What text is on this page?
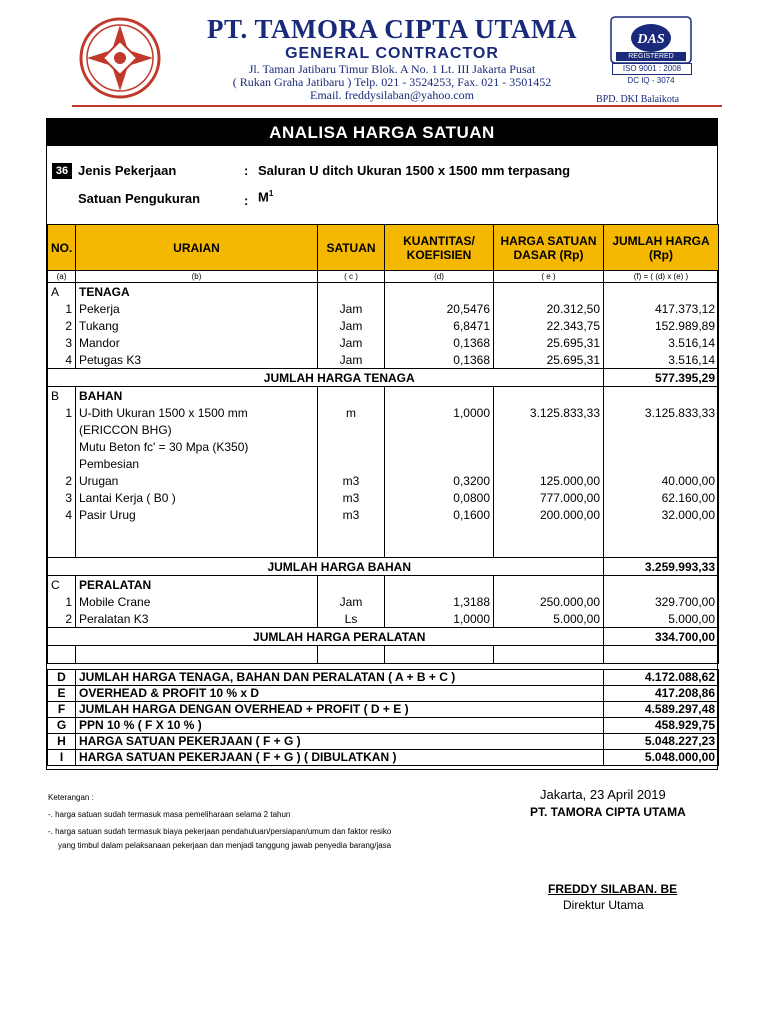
PT. TAMORA CIPTA UTAMA
GENERAL CONTRACTOR
Jl. Taman Jatibaru Timur Blok. A No. 1 Lt. III Jakarta Pusat
( Rukan Graha Jatibaru ) Telp. 021 - 3524253, Fax. 021 - 3501452
Email. freddysilaban@yahoo.com
DAS
REGISTERED
ISO 9001 : 2008
DC IQ - 3074
BPD. DKI Balaikota
ANALISA HARGA SATUAN
36 Jenis Pekerjaan	: Saluran U ditch Ukuran 1500 x 1500 mm terpasang
Satuan Pengukuran	: $M^1$
NO.	URAIAN	SATUAN	KUANTITAS/ KOEFISIEN	HARGA SATUAN DASAR (Rp)	JUMLAH HARGA (Rp)
(a)	(b)	( c )	(d)	( e )	(f) = ( (d) x (e) )
A	TENAGA				
1	Pekerja	Jam	20,5476	20.312,50	417.373,12
2	Tukang	Jam	6,8471	22.343,75	152.989,89
3	Mandor	Jam	0,1368	25.695,31	3.516,14
4	Petugas K3	Jam	0,1368	25.695,31	3.516,14
	JUMLAH HARGA TENAGA				577.395,29
B	BAHAN				
1	U-Dith Ukuran 1500 x 1500 mm	m	1,0000	3.125.833,33	3.125.833,33
	(ERICCON BHG)				
	Mutu Beton fc' = 30 Mpa (K350)				
	Pembesian				
2	Urugan	m3	0,3200	125.000,00	40.000,00
3	Lantai Kerja ( B0 )	m3	0,0800	777.000,00	62.160,00
4	Pasir Urug	m3	0,1600	200.000,00	32.000,00

	JUMLAH HARGA BAHAN				3.259.993,33
C	PERALATAN				
1	Mobile Crane	Jam	1,3188	250.000,00	329.700,00
2	Peralatan K3	Ls	1,0000	5.000,00	5.000,00
	JUMLAH HARGA PERALATAN				334.700,00

D	JUMLAH HARGA TENAGA, BAHAN DAN PERALATAN ( A + B + C )				4.172.088,62
E	OVERHEAD & PROFIT 10 % x D				417.208,86
F	JUMLAH HARGA DENGAN OVERHEAD + PROFIT ( D + E )				4.589.297,48
G	PPN 10 % ( F X 10 % )				458.929,75
H	HARGA SATUAN PEKERJAAN ( F + G )				5.048.227,23
I	HARGA SATUAN PEKERJAAN ( F + G ) ( DIBULATKAN )				5.048.000,00
Keterangan :
-. harga satuan sudah termasuk masa pemeliharaan selama 2 tahun
-. harga satuan sudah termasuk biaya pekerjaan pendahuluan/persiapan/umum dan faktor resiko
yang timbul dalam pelaksanaan pekerjaan dan menjadi tanggung jawab penyedia barang/jasa
Jakarta, 23 April 2019
PT. TAMORA CIPTA UTAMA
FREDDY SILABAN. BE
Direktur Utama
